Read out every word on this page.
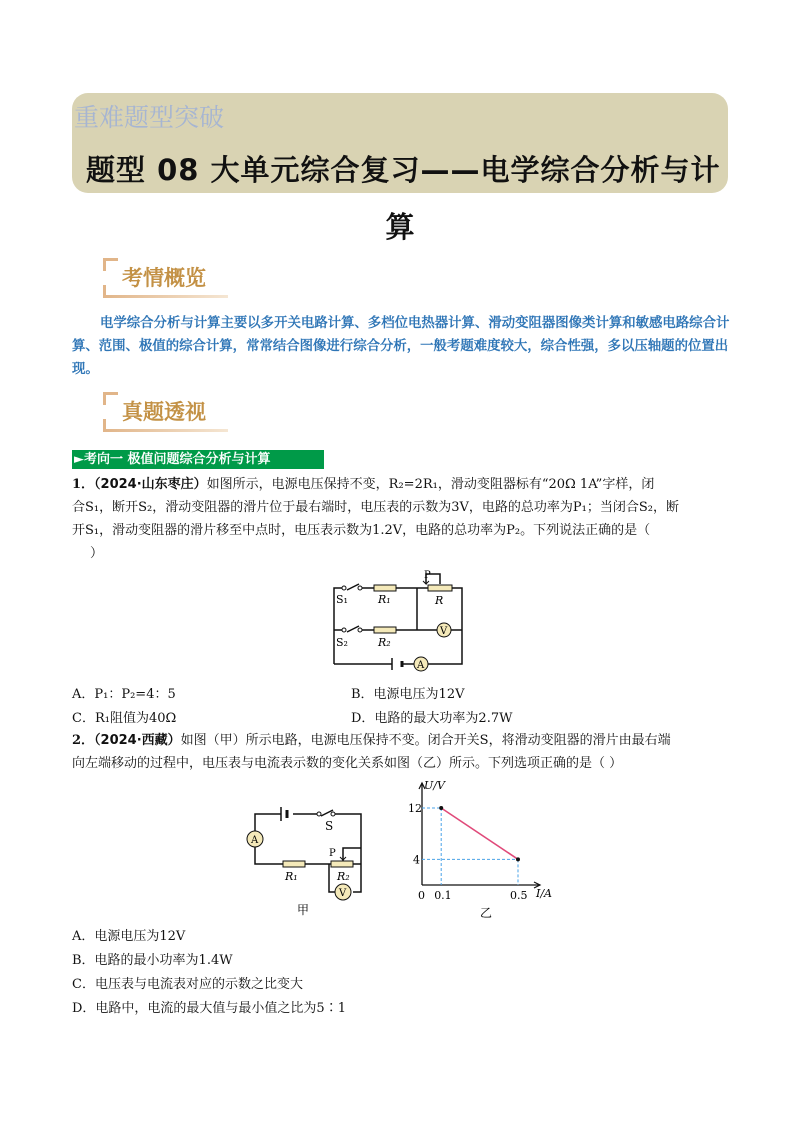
重难题型突破
题型 08 大单元综合复习——电学综合分析与计
算
考情概览

电学综合分析与计算主要以多开关电路计算、多档位电热器计算、滑动变阻器图像类计算和敏感电路综合计算、范围、极值的综合计算，常常结合图像进行综合分析，一般考题难度较大，综合性强，多以压轴题的位置出现。

真题透视
►考向一 极值问题综合分析与计算
1．（2024·山东枣庄）如图所示，电源电压保持不变，R₂=2R₁，滑动变阻器标有“20Ω 1A”字样，闭
合S₁，断开S₂，滑动变阻器的滑片位于最右端时，电压表的示数为3V，电路的总功率为P₁；当闭合S₂，断
开S₁，滑动变阻器的滑片移至中点时，电压表示数为1.2V，电路的总功率为P₂。下列说法正确的是（
）
S₁	R₁
P
R
S₂	R₂
V
A
A．P₁：P₂=4：5	B．电源电压为12V
C．R₁阻值为40Ω	D．电路的最大功率为2.7W
2．（2024·西藏）如图（甲）所示电路，电源电压保持不变。闭合开关S，将滑动变阻器的滑片由最右端
向左端移动的过程中，电压表与电流表示数的变化关系如图（乙）所示。下列选项正确的是（ ）
A
S
P
R₁	R₂
V
甲
U/V
I/A
12
4
0 0.1	0.5
乙
A．电源电压为12V
B．电路的最小功率为1.4W
C．电压表与电流表对应的示数之比变大
D．电路中，电流的最大值与最小值之比为5∶1
